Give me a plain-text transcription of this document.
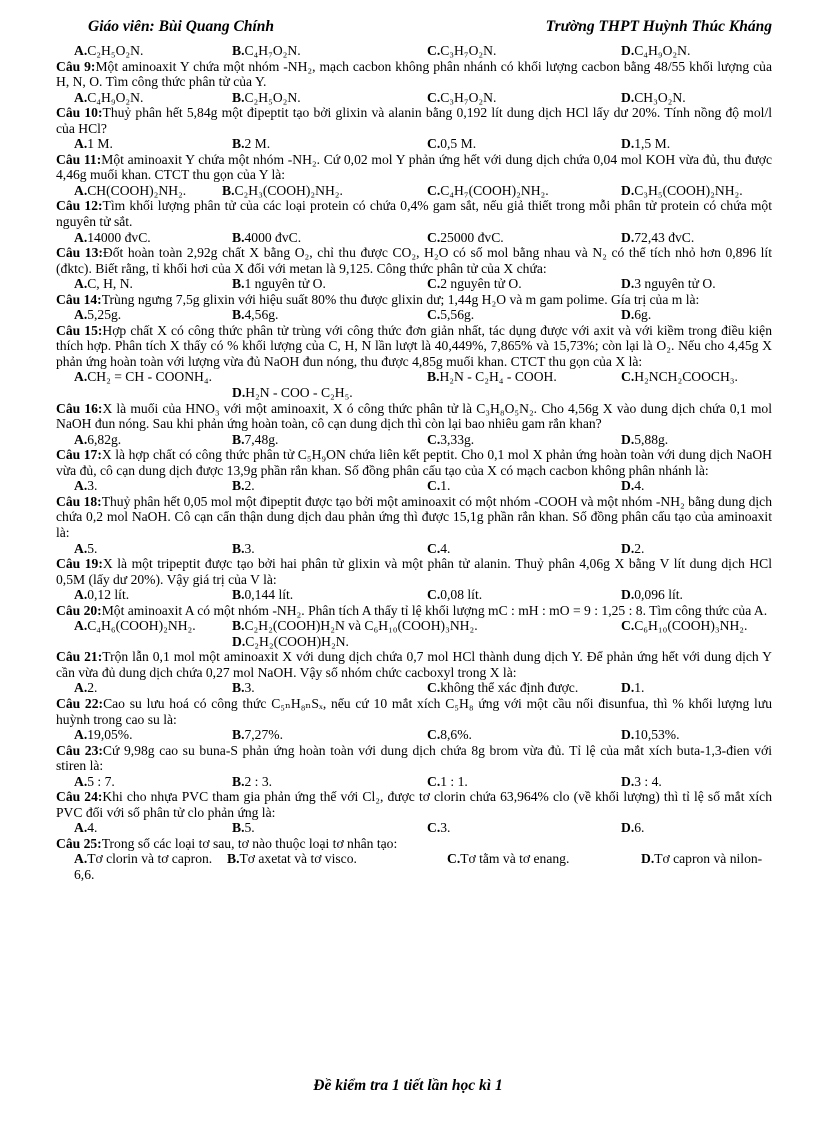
Giáo viên: Bùi Quang Chính	Trường THPT Huỳnh Thúc Kháng
A.C₂H₅O₂N.	B.C₄H₇O₂N.	C.C₃H₇O₂N.	D.C₄H₉O₂N.

Câu 9:Một aminoaxit Y chứa một nhóm -NH₂, mạch cacbon không phân nhánh có khối lượng cacbon bằng 48/55 khối lượng của H, N, O. Tìm công thức phân tử của Y.

A.C₄H₉O₂N.	B.C₂H₅O₂N.	C.C₃H₇O₂N.	D.CH₃O₂N.

Câu 10:Thuỷ phân hết 5,84g một đipeptit tạo bởi glixin và alanin bằng 0,192 lít dung dịch HCl lấy dư 20%. Tính nồng độ mol/l của HCl?

A.1 M.	B.2 M.	C.0,5 M.	D.1,5 M.

Câu 11:Một aminoaxit Y chứa một nhóm -NH₂. Cứ 0,02 mol Y phản ứng hết với dung dịch chứa 0,04 mol KOH vừa đủ, thu được 4,46g muối khan. CTCT thu gọn của Y là:

A.CH(COOH)₂NH₂.	B.C₂H₃(COOH)₂NH₂.	C.C₄H₇(COOH)₂NH₂.	D.C₃H₅(COOH)₂NH₂.

Câu 12:Tìm khối lượng phân tử của các loại protein có chứa 0,4% gam sắt, nếu giả thiết trong mỗi phân tử protein có chứa một nguyên tử sắt.

A.14000 đvC.	B.4000 đvC.	C.25000 đvC.	D.72,43 đvC.

Câu 13:Đốt hoàn toàn 2,92g chất X bằng O₂, chỉ thu được CO₂, H₂O có số mol bằng nhau và N₂ có thể tích nhỏ hơn 0,896 lít (đktc). Biết rằng, tỉ khối hơi của X đối với metan là 9,125. Công thức phân tử của X chứa:

A.C, H, N.	B.1 nguyên tử O.	C.2 nguyên tử O.	D.3 nguyên tử O.

Câu 14:Trùng ngưng 7,5g glixin với hiệu suất 80% thu được glixin dư; 1,44g H₂O và m gam polime. Gía trị của m là:

A.5,25g.	B.4,56g.	C.5,56g.	D.6g.

Câu 15:Hợp chất X có công thức phân tử trùng với công thức đơn giản nhất, tác dụng được với axit và với kiềm trong điều kiện thích hợp. Phân tích X thấy có % khối lượng của C, H, N lần lượt là 40,449%, 7,865% và 15,73%; còn lại là O₂. Nếu cho 4,45g X phản ứng hoàn toàn với lượng vừa đủ NaOH đun nóng, thu được 4,85g muối khan. CTCT thu gọn của X là:

A.CH₂ = CH - COONH₄.	B.H₂N - C₂H₄ - COOH.	C.H₂NCH₂COOCH₃.
D.H₂N - COO - C₂H₅.

Câu 16:X là muối của HNO₃ với một aminoaxit, X ó công thức phân tử là C₃H₈O₅N₂. Cho 4,56g X vào dung dịch chứa 0,1 mol NaOH đun nóng. Sau khi phản ứng hoàn toàn, cô cạn dung dịch thì còn lại bao nhiêu gam rắn khan?

A.6,82g.	B.7,48g.	C.3,33g.	D.5,88g.

Câu 17:X là hợp chất có công thức phân tử C₅H₉ON chứa liên kết peptit. Cho 0,1 mol X phản ứng hoàn toàn với dung dịch NaOH vừa đủ, cô cạn dung dịch được 13,9g phần rắn khan. Số đồng phân cấu tạo của X có mạch cacbon không phân nhánh là:

A.3.	B.2.	C.1.	D.4.

Câu 18:Thuỷ phân hết 0,05 mol một đipeptit được tạo bởi một aminoaxit có một nhóm -COOH và một nhóm -NH₂ bằng dung dịch chứa 0,2 mol NaOH. Cô cạn cẩn thận dung dịch dau phản ứng thì được 15,1g phần rắn khan. Số đồng phân cấu tạo của aminoaxit là:

A.5.	B.3.	C.4.	D.2.

Câu 19:X là một tripeptit được tạo bởi hai phân tử glixin và một phân tử alanin. Thuỷ phân 4,06g X bằng V lít dung dịch HCl 0,5M (lấy dư 20%). Vậy giá trị của V là:

A.0,12 lít.	B.0,144 lít.	C.0,08 lít.	D.0,096 lít.

Câu 20:Một aminoaxit A có một nhóm -NH₂. Phân tích A thấy tỉ lệ khối lượng mC : mH : mO = 9 : 1,25 : 8. Tìm công thức của A.

A.C₄H₆(COOH)₂NH₂.	B.C₂H₂(COOH)H₂N và C₆H₁₀(COOH)₃NH₂.	C.C₆H₁₀(COOH)₃NH₂.
D.C₂H₂(COOH)H₂N.

Câu 21:Trộn lẫn 0,1 mol một aminoaxit X với dung dịch chứa 0,7 mol HCl thành dung dịch Y. Để phản ứng hết với dung dịch Y cần vừa đủ dung dịch chứa 0,27 mol NaOH. Vậy số nhóm chức cacboxyl trong X là:

A.2.	B.3.	C.không thể xác định được.	D.1.

Câu 22:Cao su lưu hoá có công thức C₅ₙH₈ₙSₓ, nếu cứ 10 mắt xích C₅H₈ ứng với một cầu nối đisunfua, thì % khối lượng lưu huỳnh trong cao su là:

A.19,05%.	B.7,27%.	C.8,6%.	D.10,53%.

Câu 23:Cứ 9,98g cao su buna-S phản ứng hoàn toàn với dung dịch chứa 8g brom vừa đủ. Tỉ lệ của mắt xích buta-1,3-đien với stiren là:

A.5 : 7.	B.2 : 3.	C.1 : 1.	D.3 : 4.

Câu 24:Khi cho nhựa PVC tham gia phản ứng thế với Cl₂, được tơ clorin chứa 63,964% clo (về khối lượng) thì tỉ lệ số mắt xích PVC đối với số phân tử clo phản ứng là:

A.4.	B.5.	C.3.	D.6.

Câu 25:Trong số các loại tơ sau, tơ nào thuộc loại tơ nhân tạo:

A.Tơ clorin và tơ capron. B.Tơ axetat và tơ visco.	C.Tơ tằm và tơ enang.	D.Tơ capron và nilon-6,6.
Đề kiểm tra 1 tiết lần học kì 1
